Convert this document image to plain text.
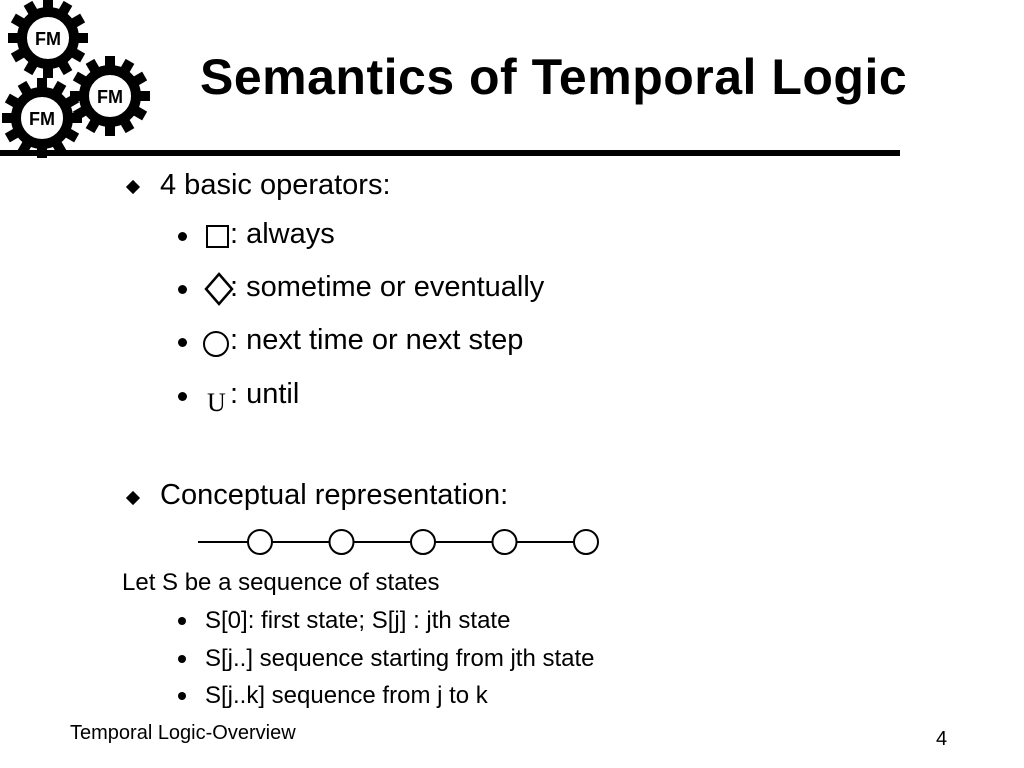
FM
FM
FM
Semantics of Temporal Logic
4 basic operators:
: always
: sometime or eventually
: next time or next step
U : until
Conceptual representation:
Let S be a sequence of states
S[0]: first state; S[j] : jth state
S[j..] sequence starting from jth state
S[j..k] sequence from j to k
Temporal Logic-Overview	4
